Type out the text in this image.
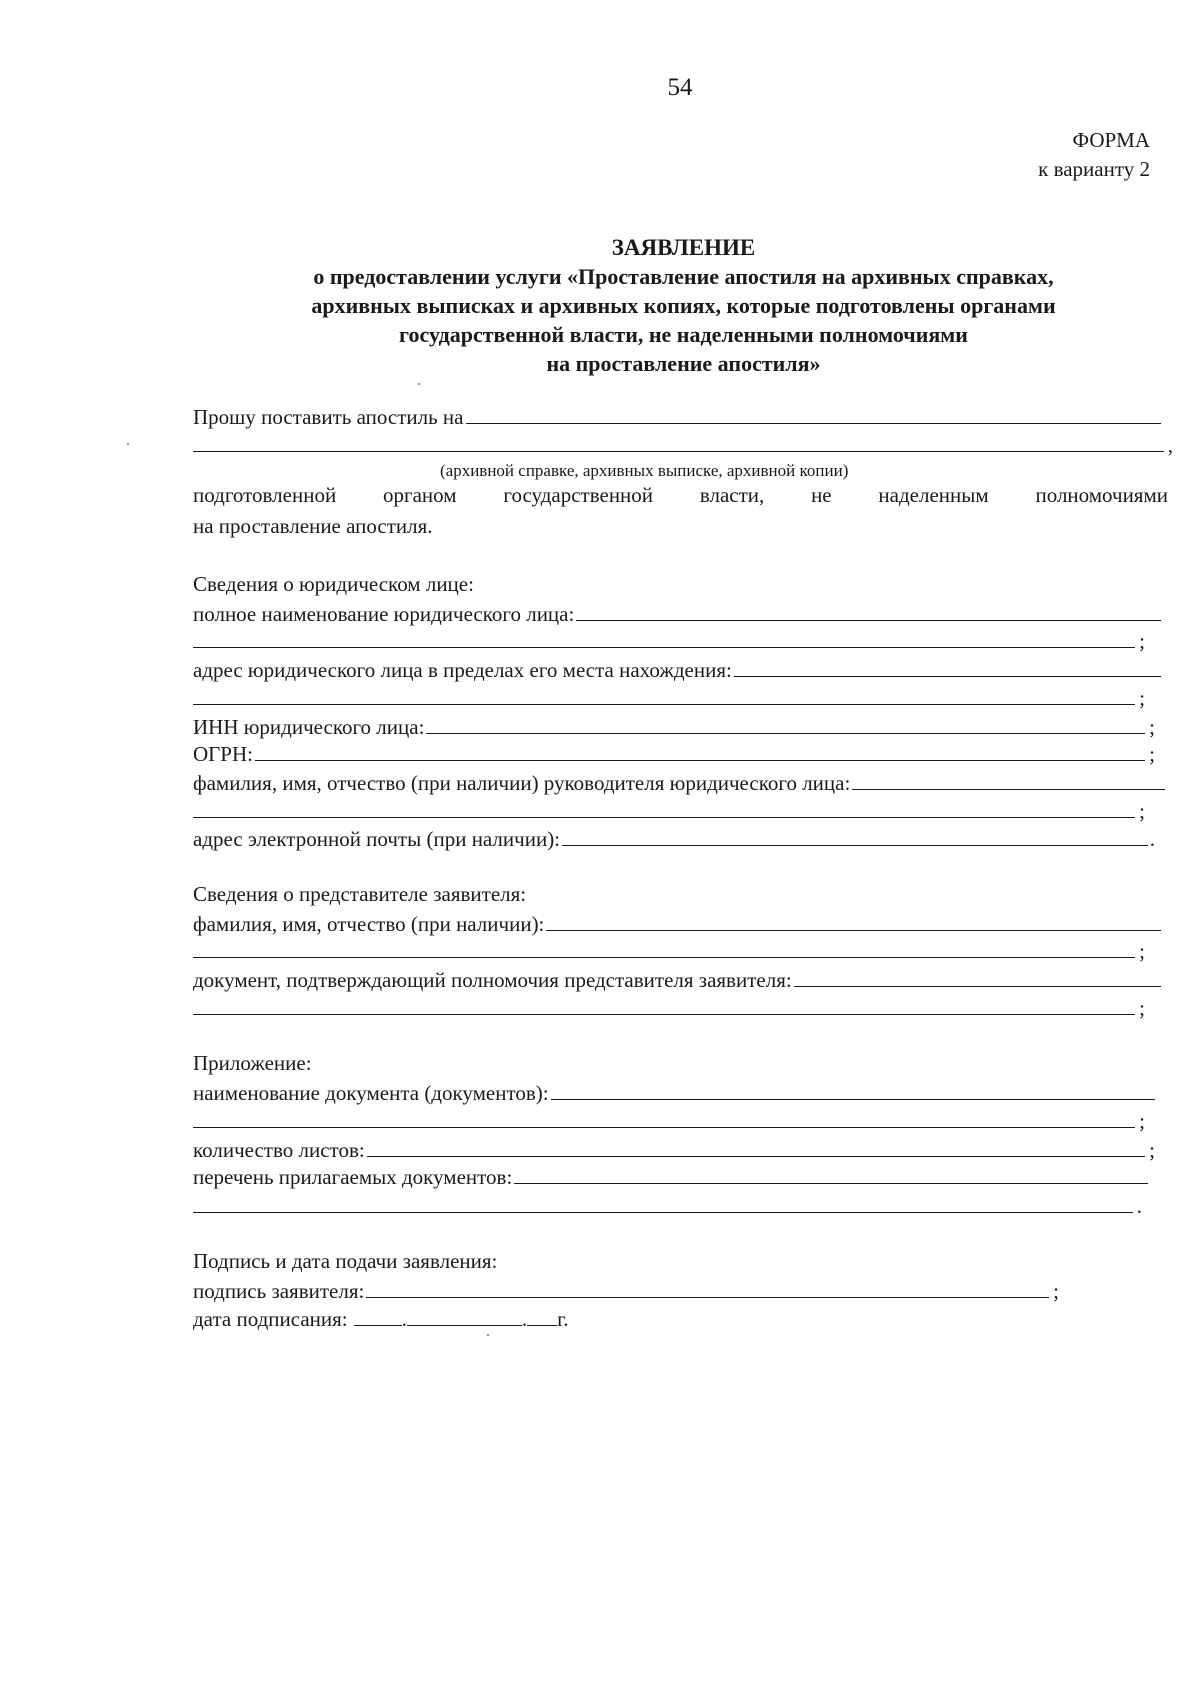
54
ФОРМА
к варианту 2
ЗАЯВЛЕНИЕ
о предоставлении услуги «Проставление апостиля на архивных справках,
архивных выписках и архивных копиях, которые подготовлены органами
государственной власти, не наделенными полномочиями
на проставление апостиля»
Прошу поставить апостиль на
,
(архивной справке, архивных выписке, архивной копии)
подготовленной органом государственной власти, не наделенным полномочиями
на проставление апостиля.
Сведения о юридическом лице:
полное наименование юридического лица:
;
адрес юридического лица в пределах его места нахождения:
;
ИНН юридического лица:	;
ОГРН:	;
фамилия, имя, отчество (при наличии) руководителя юридического лица:
;
адрес электронной почты (при наличии):	.
Сведения о представителе заявителя:
фамилия, имя, отчество (при наличии):
;
документ, подтверждающий полномочия представителя заявителя:
;
Приложение:
наименование документа (документов):
;
количество листов:	;
перечень прилагаемых документов:
.
Подпись и дата подачи заявления:
подпись заявителя:	;
дата подписания:	.	. г.
